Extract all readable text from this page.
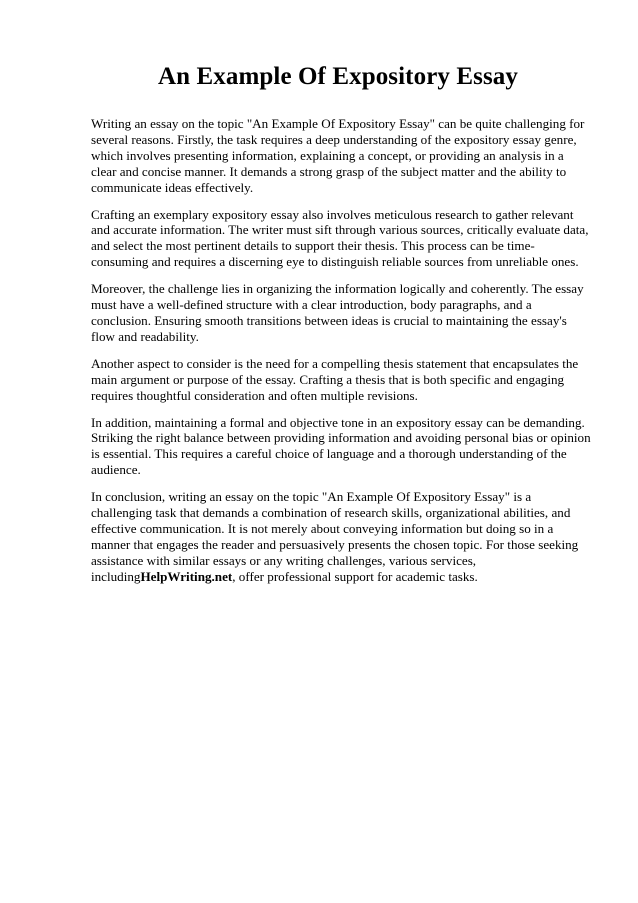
An Example Of Expository Essay

Writing an essay on the topic "An Example Of Expository Essay" can be quite challenging for several reasons. Firstly, the task requires a deep understanding of the expository essay genre, which involves presenting information, explaining a concept, or providing an analysis in a clear and concise manner. It demands a strong grasp of the subject matter and the ability to communicate ideas effectively.

Crafting an exemplary expository essay also involves meticulous research to gather relevant and accurate information. The writer must sift through various sources, critically evaluate data, and select the most pertinent details to support their thesis. This process can be time-consuming and requires a discerning eye to distinguish reliable sources from unreliable ones.

Moreover, the challenge lies in organizing the information logically and coherently. The essay must have a well-defined structure with a clear introduction, body paragraphs, and a conclusion. Ensuring smooth transitions between ideas is crucial to maintaining the essay's flow and readability.

Another aspect to consider is the need for a compelling thesis statement that encapsulates the main argument or purpose of the essay. Crafting a thesis that is both specific and engaging requires thoughtful consideration and often multiple revisions.

In addition, maintaining a formal and objective tone in an expository essay can be demanding. Striking the right balance between providing information and avoiding personal bias or opinion is essential. This requires a careful choice of language and a thorough understanding of the audience.

In conclusion, writing an essay on the topic "An Example Of Expository Essay" is a challenging task that demands a combination of research skills, organizational abilities, and effective communication. It is not merely about conveying information but doing so in a manner that engages the reader and persuasively presents the chosen topic. For those seeking assistance with similar essays or any writing challenges, various services, includingHelpWriting.net, offer professional support for academic tasks.
